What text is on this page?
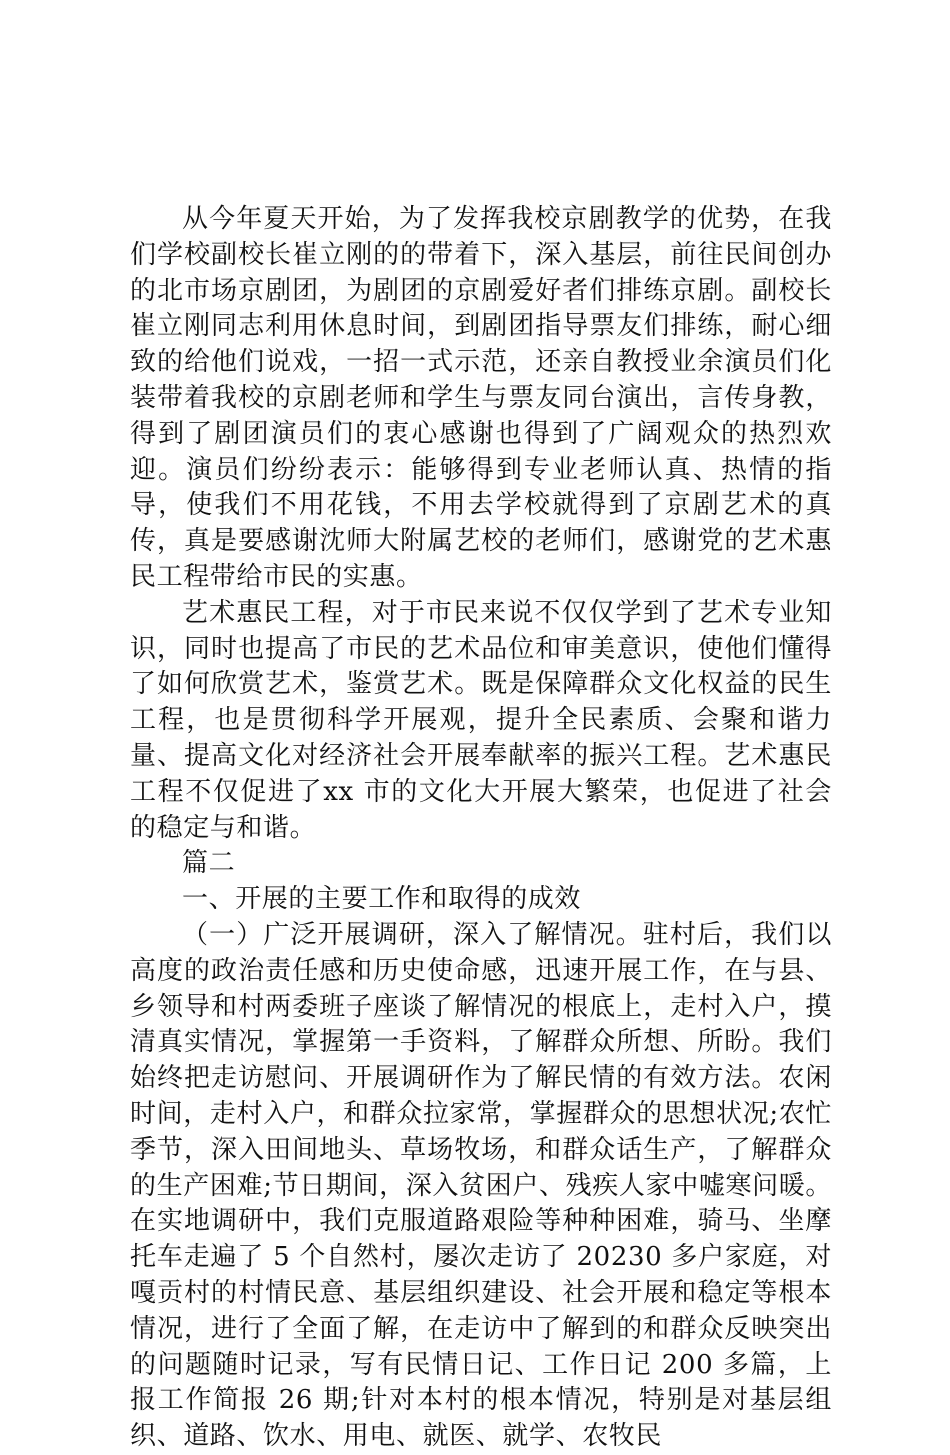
从今年夏天开始，为了发挥我校京剧教学的优势，在我们学校副校长崔立刚的的带着下，深入基层，前往民间创办的北市场京剧团，为剧团的京剧爱好者们排练京剧。副校长崔立刚同志利用休息时间，到剧团指导票友们排练，耐心细致的给他们说戏，一招一式示范，还亲自教授业余演员们化装带着我校的京剧老师和学生与票友同台演出，言传身教，得到了剧团演员们的衷心感谢也得到了广阔观众的热烈欢迎。演员们纷纷表示：能够得到专业老师认真、热情的指导，使我们不用花钱，不用去学校就得到了京剧艺术的真传，真是要感谢沈师大附属艺校的老师们，感谢党的艺术惠民工程带给市民的实惠。

艺术惠民工程，对于市民来说不仅仅学到了艺术专业知识，同时也提高了市民的艺术品位和审美意识，使他们懂得了如何欣赏艺术，鉴赏艺术。既是保障群众文化权益的民生工程，也是贯彻科学开展观，提升全民素质、会聚和谐力量、提高文化对经济社会开展奉献率的振兴工程。艺术惠民工程不仅促进了xx 市的文化大开展大繁荣，也促进了社会的稳定与和谐。

篇二

一、开展的主要工作和取得的成效

（一）广泛开展调研，深入了解情况。驻村后，我们以高度的政治责任感和历史使命感，迅速开展工作，在与县、乡领导和村两委班子座谈了解情况的根底上，走村入户，摸清真实情况，掌握第一手资料，了解群众所想、所盼。我们始终把走访慰问、开展调研作为了解民情的有效方法。农闲时间，走村入户，和群众拉家常，掌握群众的思想状况;农忙季节，深入田间地头、草场牧场，和群众话生产，了解群众的生产困难;节日期间，深入贫困户、残疾人家中嘘寒问暖。在实地调研中，我们克服道路艰险等种种困难，骑马、坐摩托车走遍了 5 个自然村，屡次走访了 20230 多户家庭，对嘎贡村的村情民意、基层组织建设、社会开展和稳定等根本情况，进行了全面了解，在走访中了解到的和群众反映突出的问题随时记录，写有民情日记、工作日记 200 多篇，上报工作简报 26 期;针对本村的根本情况，特别是对基层组织、道路、饮水、用电、就医、就学、农牧民
